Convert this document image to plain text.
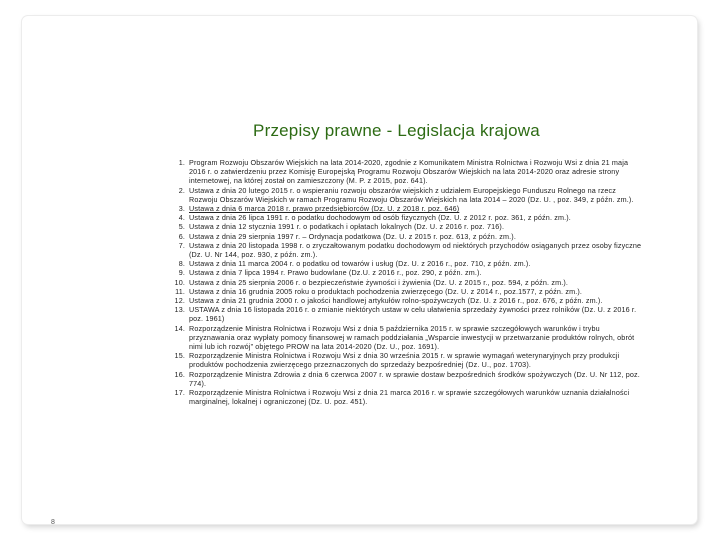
Przepisy prawne - Legislacja krajowa
1. Program Rozwoju Obszarów Wiejskich na lata 2014-2020, zgodnie z Komunikatem Ministra Rolnictwa i Rozwoju Wsi z dnia 21 maja 2016 r. o zatwierdzeniu przez Komisję Europejską Programu Rozwoju Obszarów Wiejskich na lata 2014-2020 oraz adresie strony internetowej, na której został on zamieszczony (M. P. z 2015, poz. 641).
2. Ustawa z dnia 20 lutego 2015 r. o wspieraniu rozwoju obszarów wiejskich z udziałem Europejskiego Funduszu Rolnego na rzecz Rozwoju Obszarów Wiejskich w ramach Programu Rozwoju Obszarów Wiejskich na lata 2014 – 2020 (Dz. U. , poz. 349, z późn. zm.).
3. Ustawa z dnia 6 marca 2018 r. prawo przedsiębiorców (Dz. U. z 2018 r. poz. 646)
4. Ustawa z dnia 26 lipca 1991 r. o podatku dochodowym od osób fizycznych (Dz. U. z 2012 r. poz. 361, z późn. zm.).
5. Ustawa z dnia 12 stycznia 1991 r. o podatkach i opłatach lokalnych (Dz. U. z 2016 r. poz. 716).
6. Ustawa z dnia 29 sierpnia 1997 r. – Ordynacja podatkowa (Dz. U. z 2015 r. poz. 613, z późn. zm.).
7. Ustawa z dnia 20 listopada 1998 r. o zryczałtowanym podatku dochodowym od niektórych przychodów osiąganych przez osoby fizyczne (Dz. U. Nr 144, poz. 930, z późn. zm.).
8. Ustawa z dnia 11 marca 2004 r. o podatku od towarów i usług (Dz. U. z 2016 r., poz. 710, z późn. zm.).
9. Ustawa z dnia 7 lipca 1994 r. Prawo budowlane (Dz.U. z 2016 r., poz. 290, z późn. zm.).
10. Ustawa z dnia 25 sierpnia 2006 r. o bezpieczeństwie żywności i żywienia (Dz. U. z 2015 r., poz. 594, z późn. zm.).
11. Ustawa z dnia 16 grudnia 2005 roku o produktach pochodzenia zwierzęcego (Dz. U. z 2014 r., poz.1577, z późn. zm.).
12. Ustawa z dnia 21 grudnia 2000 r. o jakości handlowej artykułów rolno-spożywczych (Dz. U. z 2016 r., poz. 676, z późn. zm.).
13. USTAWA z dnia 16 listopada 2016 r. o zmianie niektórych ustaw w celu ułatwienia sprzedaży żywności przez rolników (Dz. U. z 2016 r. poz. 1961)
14. Rozporządzenie Ministra Rolnictwa i Rozwoju Wsi z dnia 5 października 2015 r. w sprawie szczegółowych warunków i trybu przyznawania oraz wypłaty pomocy finansowej w ramach poddziałania „Wsparcie inwestycji w przetwarzanie produktów rolnych, obrót nimi lub ich rozwój” objętego PROW na lata 2014-2020 (Dz. U., poz. 1691).
15. Rozporządzenie Ministra Rolnictwa i Rozwoju Wsi z dnia 30 września 2015 r. w sprawie wymagań weterynaryjnych przy produkcji produktów pochodzenia zwierzęcego przeznaczonych do sprzedaży bezpośredniej (Dz. U., poz. 1703).
16. Rozporządzenie Ministra Zdrowia z dnia 6 czerwca 2007 r. w sprawie dostaw bezpośrednich środków spożywczych (Dz. U. Nr 112, poz. 774).
17. Rozporządzenie Ministra Rolnictwa i Rozwoju Wsi z dnia 21 marca 2016 r. w sprawie szczegółowych warunków uznania działalności marginalnej, lokalnej i ograniczonej (Dz. U. poz. 451).
8
